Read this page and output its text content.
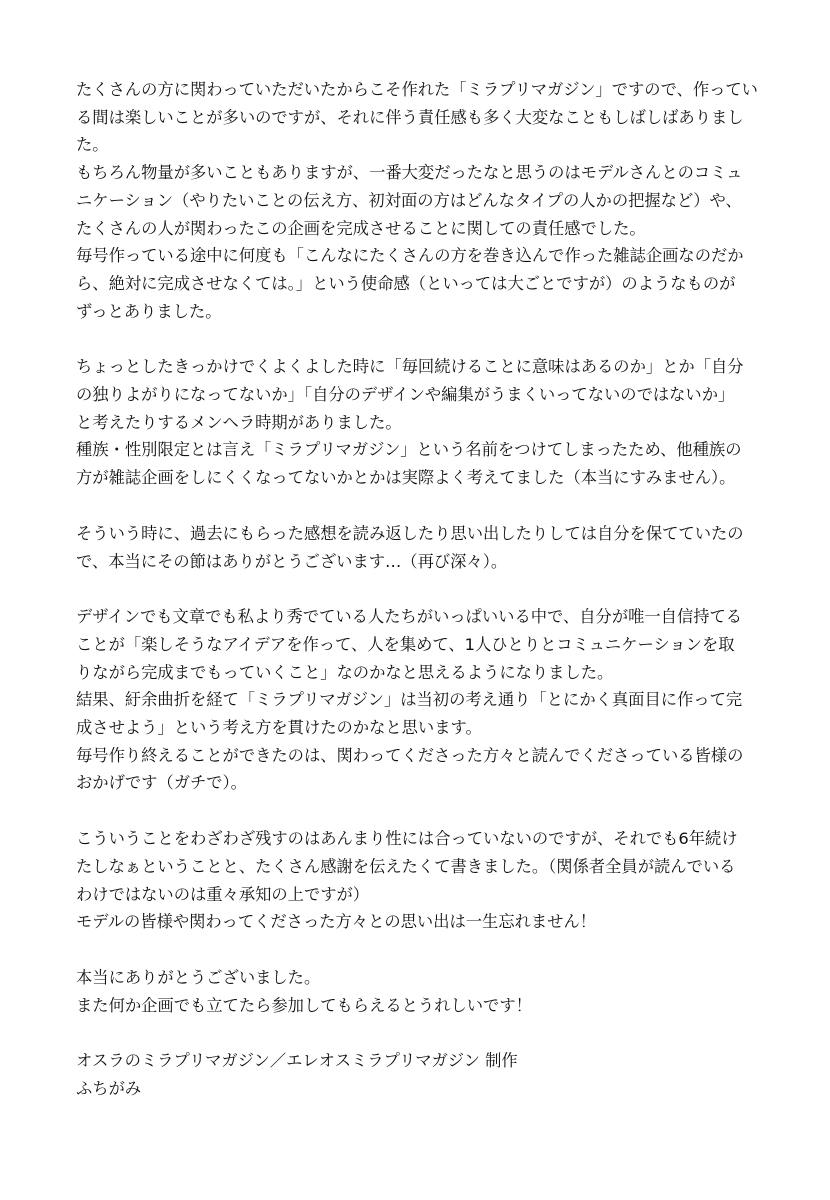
たくさんの方に関わっていただいたからこそ作れた「ミラプリマガジン」ですので、作ってい
る間は楽しいことが多いのですが、それに伴う責任感も多く大変なこともしばしばありまし
た。
もちろん物量が多いこともありますが、一番大変だったなと思うのはモデルさんとのコミュ
ニケーション（やりたいことの伝え方、初対面の方はどんなタイプの人かの把握など）や、
たくさんの人が関わったこの企画を完成させることに関しての責任感でした。
毎号作っている途中に何度も「こんなにたくさんの方を巻き込んで作った雑誌企画なのだか
ら、絶対に完成させなくては。」という使命感（といっては大ごとですが）のようなものが
ずっとありました。
ちょっとしたきっかけでくよくよした時に「毎回続けることに意味はあるのか」とか「自分
の独りよがりになってないか」「自分のデザインや編集がうまくいってないのではないか」
と考えたりするメンヘラ時期がありました。
種族・性別限定とは言え「ミラプリマガジン」という名前をつけてしまったため、他種族の
方が雑誌企画をしにくくなってないかとかは実際よく考えてました（本当にすみません）。
そういう時に、過去にもらった感想を読み返したり思い出したりしては自分を保てていたの
で、本当にその節はありがとうございます…（再び深々）。
デザインでも文章でも私より秀でている人たちがいっぱいいる中で、自分が唯一自信持てる
ことが「楽しそうなアイデアを作って、人を集めて、1人ひとりとコミュニケーションを取
りながら完成までもっていくこと」なのかなと思えるようになりました。
結果、紆余曲折を経て「ミラプリマガジン」は当初の考え通り「とにかく真面目に作って完
成させよう」という考え方を貫けたのかなと思います。
毎号作り終えることができたのは、関わってくださった方々と読んでくださっている皆様の
おかげです（ガチで）。
こういうことをわざわざ残すのはあんまり性には合っていないのですが、それでも6年続け
たしなぁということと、たくさん感謝を伝えたくて書きました。（関係者全員が読んでいる
わけではないのは重々承知の上ですが）
モデルの皆様や関わってくださった方々との思い出は一生忘れません！
本当にありがとうございました。
また何か企画でも立てたら参加してもらえるとうれしいです！
オスラのミラプリマガジン／エレオスミラプリマガジン 制作
ふちがみ
